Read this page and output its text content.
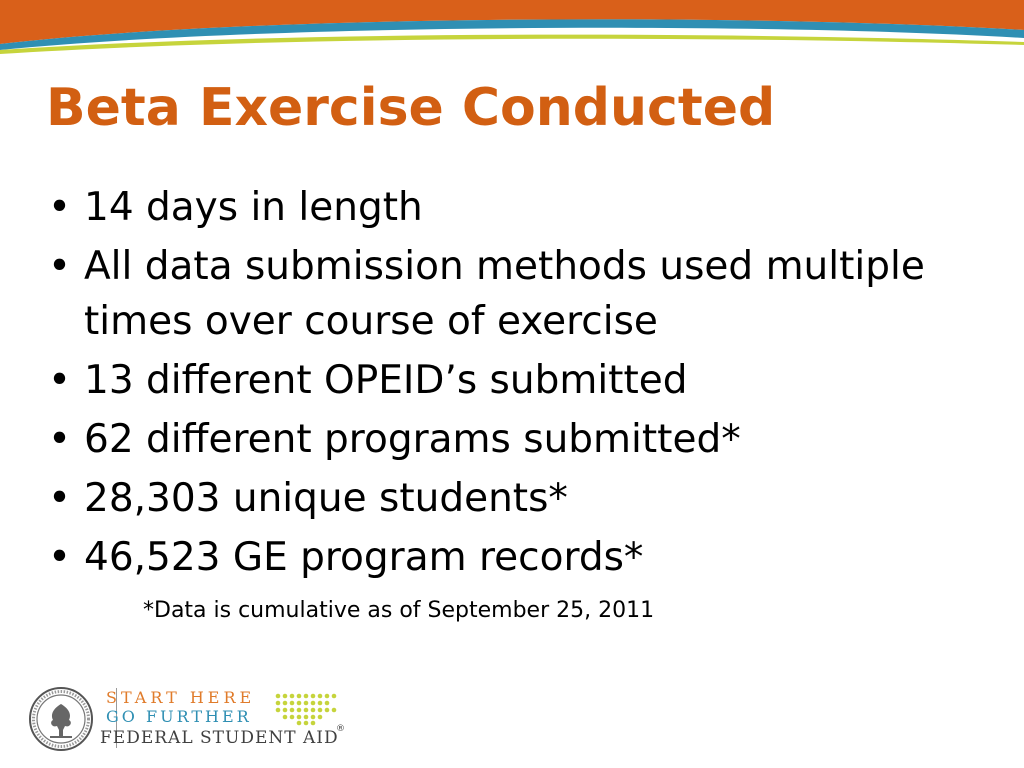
Beta Exercise Conducted
• 14 days in length
• All data submission methods used multiple times over course of exercise
• 13 different OPEID’s submitted
• 62 different programs submitted*
• 28,303 unique students*
• 46,523 GE program records*
*Data is cumulative as of September 25, 2011
START HERE
GO FURTHER
FEDERAL STUDENT AID
®
